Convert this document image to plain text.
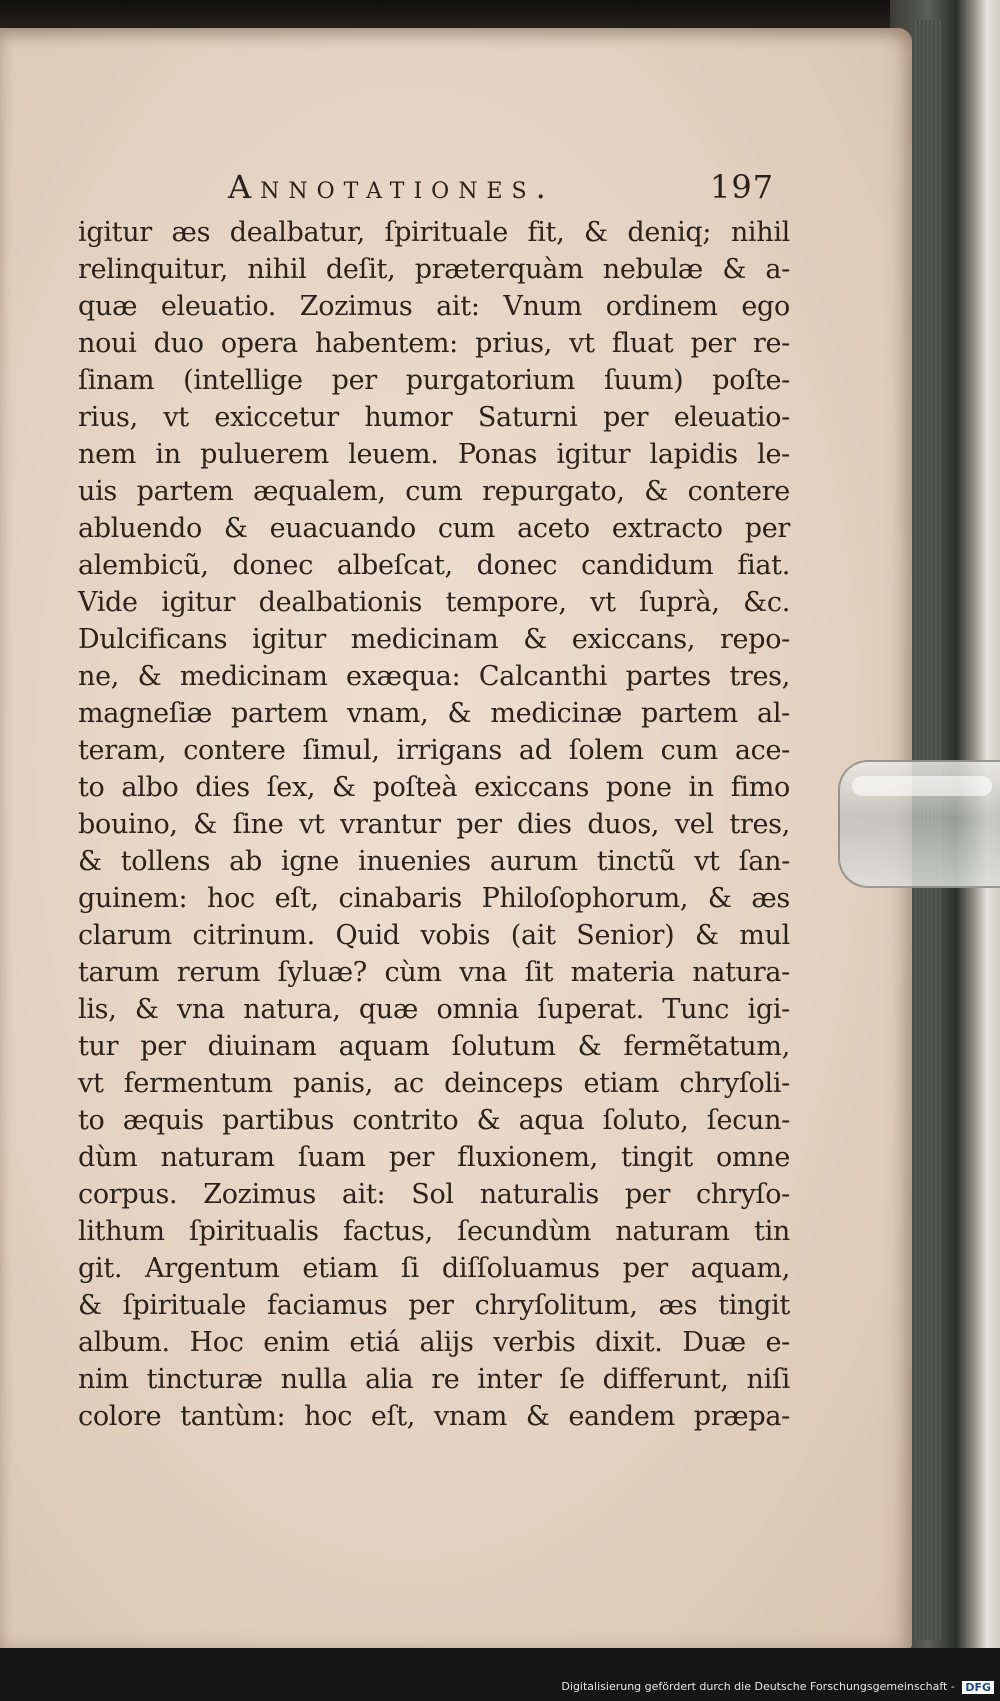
Annotationes.	197
igitur æs dealbatur, ſpirituale fit, & deniq; nihil
relinquitur, nihil deſit, præterquàm nebulæ & a-
quæ eleuatio. Zozimus ait: Vnum ordinem ego
noui duo opera habentem: prius, vt fluat per re-
ſinam (intellige per purgatorium ſuum) poſte-
rius, vt exiccetur humor Saturni per eleuatio-
nem in puluerem leuem. Ponas igitur lapidis le-
uis partem æqualem, cum repurgato, & contere
abluendo & euacuando cum aceto extracto per
alembicũ, donec albeſcat, donec candidum fiat.
Vide igitur dealbationis tempore, vt ſuprà, &c.
Dulcificans igitur medicinam & exiccans, repo-
ne, & medicinam exæqua: Calcanthi partes tres,
magneſiæ partem vnam, & medicinæ partem al-
teram, contere ſimul, irrigans ad ſolem cum ace-
to albo dies ſex, & poſteà exiccans pone in fimo
bouino, & ſine vt vrantur per dies duos, vel tres,
& tollens ab igne inuenies aurum tinctũ vt ſan-
guinem: hoc eſt, cinabaris Philoſophorum, & æs
clarum citrinum. Quid vobis (ait Senior) & mul
tarum rerum ſyluæ? cùm vna ſit materia natura-
lis, & vna natura, quæ omnia ſuperat. Tunc igi-
tur per diuinam aquam ſolutum & fermẽtatum,
vt fermentum panis, ac deinceps etiam chryſoli-
to æquis partibus contrito & aqua ſoluto, ſecun-
dùm naturam ſuam per fluxionem, tingit omne
corpus. Zozimus ait: Sol naturalis per chryſo-
lithum ſpiritualis factus, ſecundùm naturam tin
git. Argentum etiam ſi diſſoluamus per aquam,
& ſpirituale faciamus per chryſolitum, æs tingit
album. Hoc enim etiá alijs verbis dixit. Duæ e-
nim tincturæ nulla alia re inter ſe differunt, niſi
colore tantùm: hoc eſt, vnam & eandem præpa-
Digitalisierung gefördert durch die Deutsche Forschungsgemeinschaft - DFG
